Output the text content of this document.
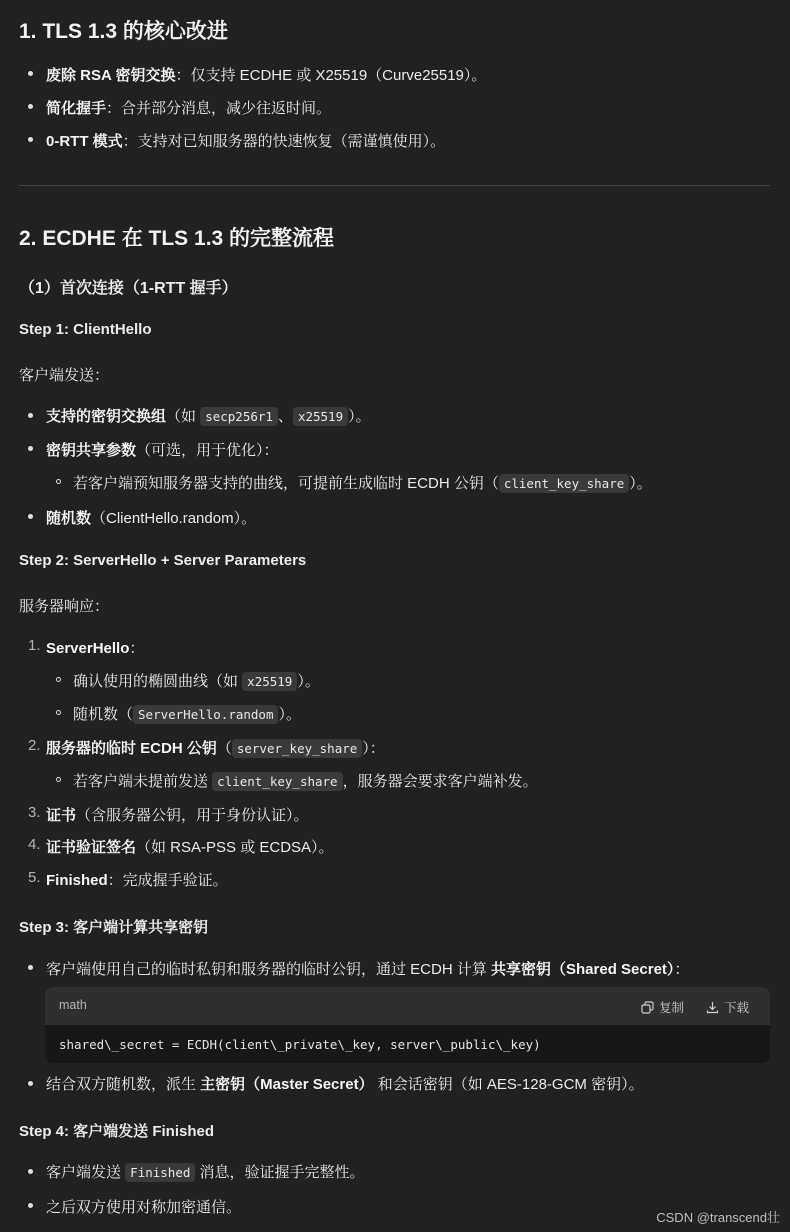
1. TLS 1.3 的核心改进
废除 RSA 密钥交换：仅支持 ECDHE 或 X25519（Curve25519）。
简化握手：合并部分消息，减少往返时间。
0-RTT 模式：支持对已知服务器的快速恢复（需谨慎使用）。
2. ECDHE 在 TLS 1.3 的完整流程
（1）首次连接（1-RTT 握手）
Step 1: ClientHello
客户端发送：
支持的密钥交换组（如 secp256r1 、 x25519 ）。
密钥共享参数（可选，用于优化）：
若客户端预知服务器支持的曲线，可提前生成临时 ECDH 公钥（ client_key_share ）。
随机数（ClientHello.random）。
Step 2: ServerHello + Server Parameters
服务器响应：
1. ServerHello：
确认使用的椭圆曲线（如 x25519 ）。
随机数（ ServerHello.random ）。
2. 服务器的临时 ECDH 公钥（ server_key_share ）：
若客户端未提前发送 client_key_share ，服务器会要求客户端补发。
3. 证书（含服务器公钥，用于身份认证）。
4. 证书验证签名（如 RSA-PSS 或 ECDSA）。
5. Finished：完成握手验证。
Step 3: 客户端计算共享密钥
客户端使用自己的临时私钥和服务器的临时公钥，通过 ECDH 计算 共享密钥（Shared Secret）：
math	复制	下载
shared\_secret = ECDH(client\_private\_key, server\_public\_key)
结合双方随机数，派生 主密钥（Master Secret） 和会话密钥（如 AES-128-GCM 密钥）。
Step 4: 客户端发送 Finished
客户端发送 Finished 消息，验证握手完整性。
之后双方使用对称加密通信。
CSDN @transcend壮
